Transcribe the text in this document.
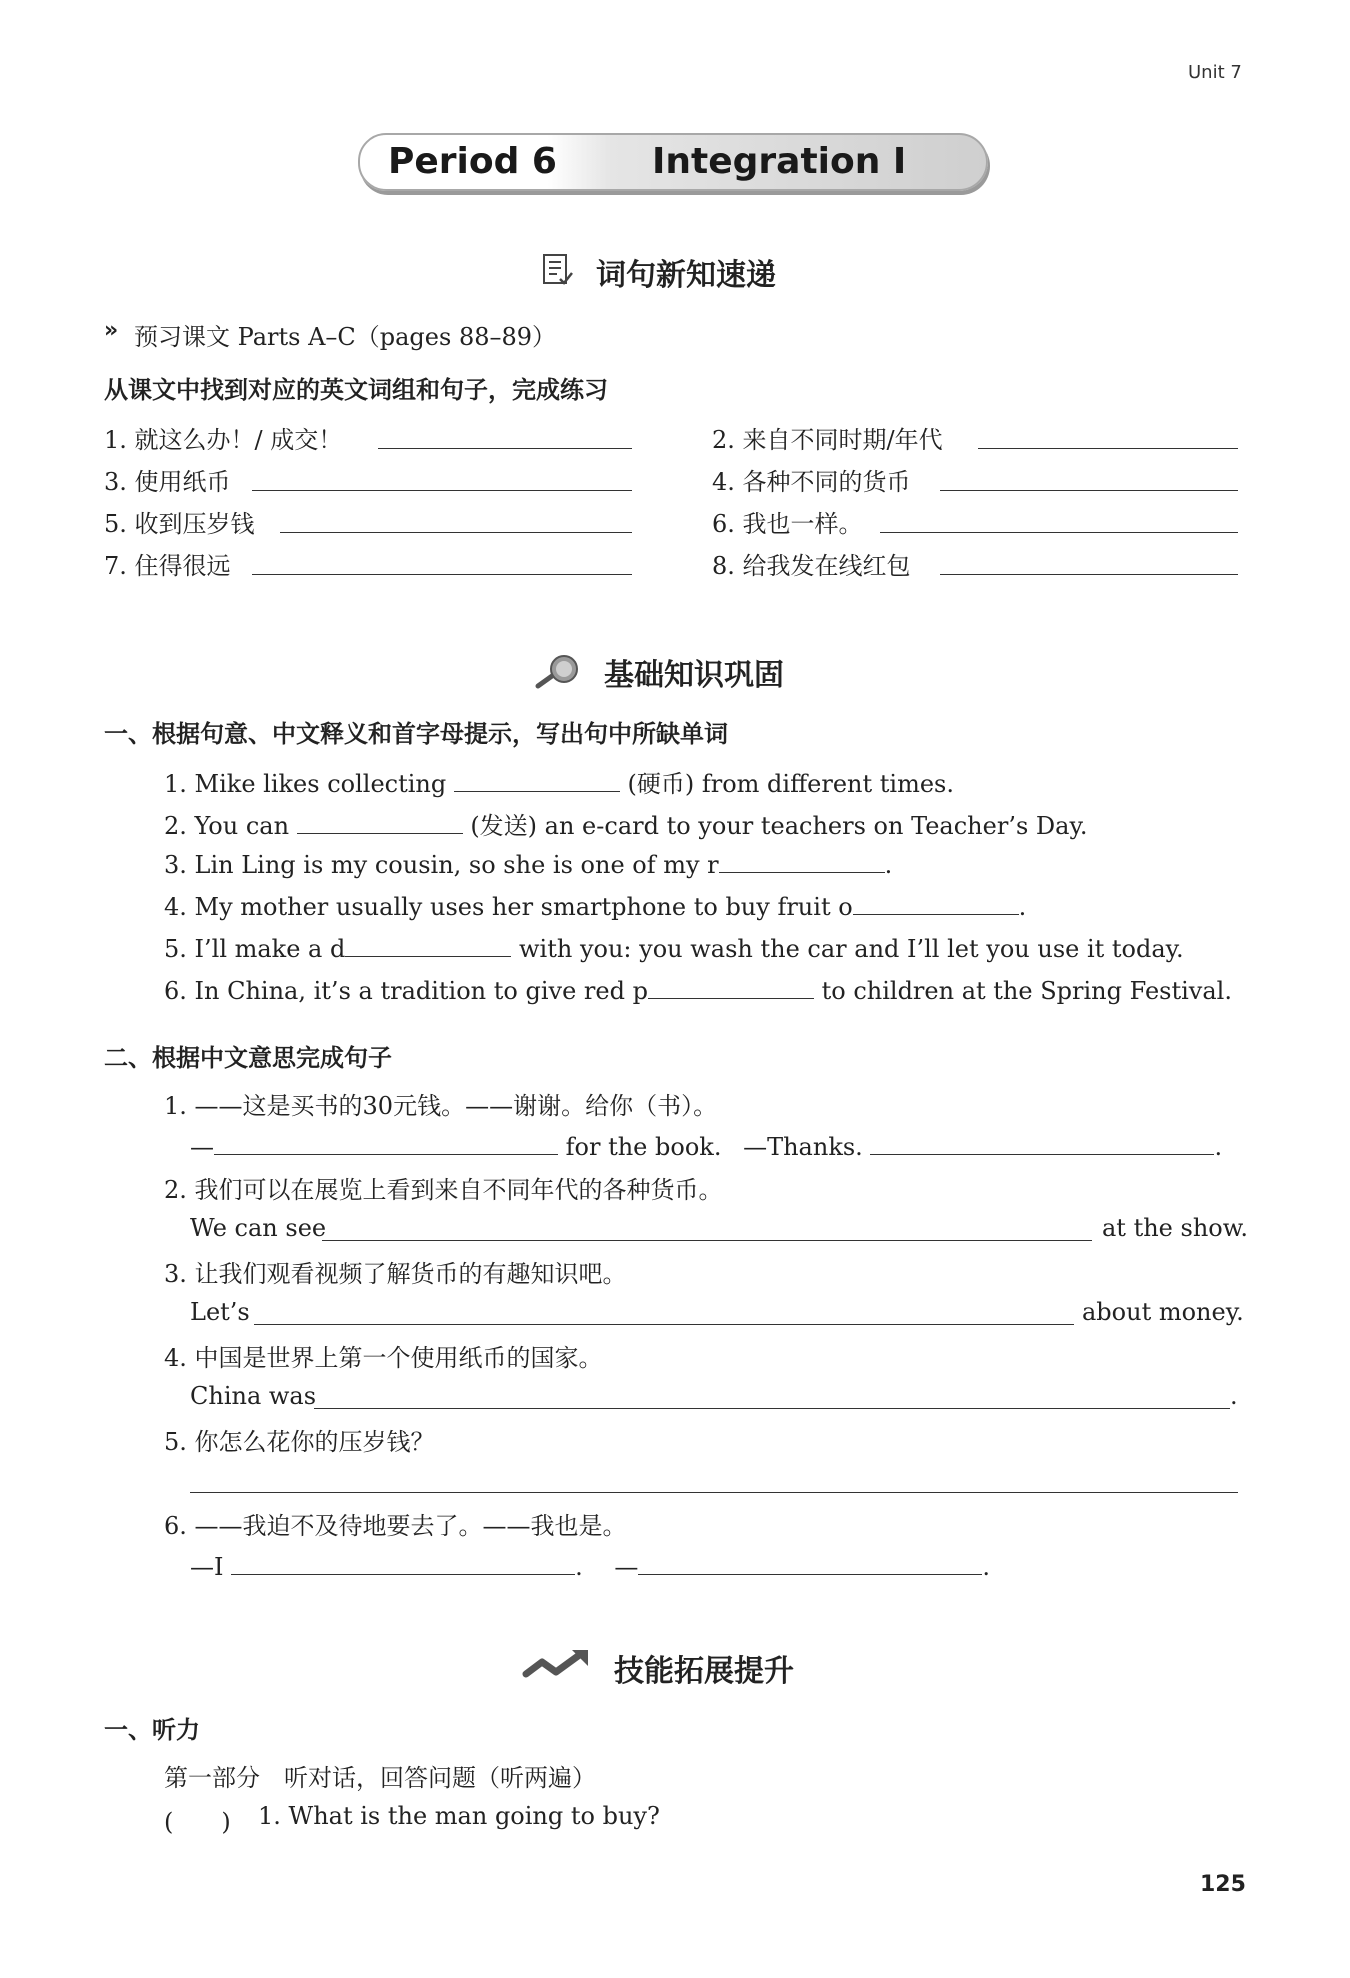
Unit 7
Period 6	Integration I
词句新知速递
» 预习课文 Parts A–C（pages 88–89）
从课文中找到对应的英文词组和句子，完成练习
1. 就这么办！/ 成交！	2. 来自不同时期/年代
3. 使用纸币	4. 各种不同的货币
5. 收到压岁钱	6. 我也一样。
7. 住得很远	8. 给我发在线红包
基础知识巩固
一、根据句意、中文释义和首字母提示，写出句中所缺单词
1. Mike likes collecting	(硬币) from different times.
2. You can	(发送) an e-card to your teachers on Teacher’s Day.
3. Lin Ling is my cousin, so she is one of my r	.
4. My mother usually uses her smartphone to buy fruit o	.
5. I’ll make a d	with you: you wash the car and I’ll let you use it today.
6. In China, it’s a tradition to give red p	to children at the Spring Festival.
二、根据中文意思完成句子
1. ——这是买书的30元钱。——谢谢。给你（书）。
—	for the book. —Thanks.	.
2. 我们可以在展览上看到来自不同年代的各种货币。
We can see	at the show.
3. 让我们观看视频了解货币的有趣知识吧。
Let’s	about money.
4. 中国是世界上第一个使用纸币的国家。
China was	.
5. 你怎么花你的压岁钱？
6. ——我迫不及待地要去了。——我也是。
—I	. —	.
技能拓展提升
一、听力
第一部分　听对话，回答问题（听两遍）
(　　) 1. What is the man going to buy?
125
